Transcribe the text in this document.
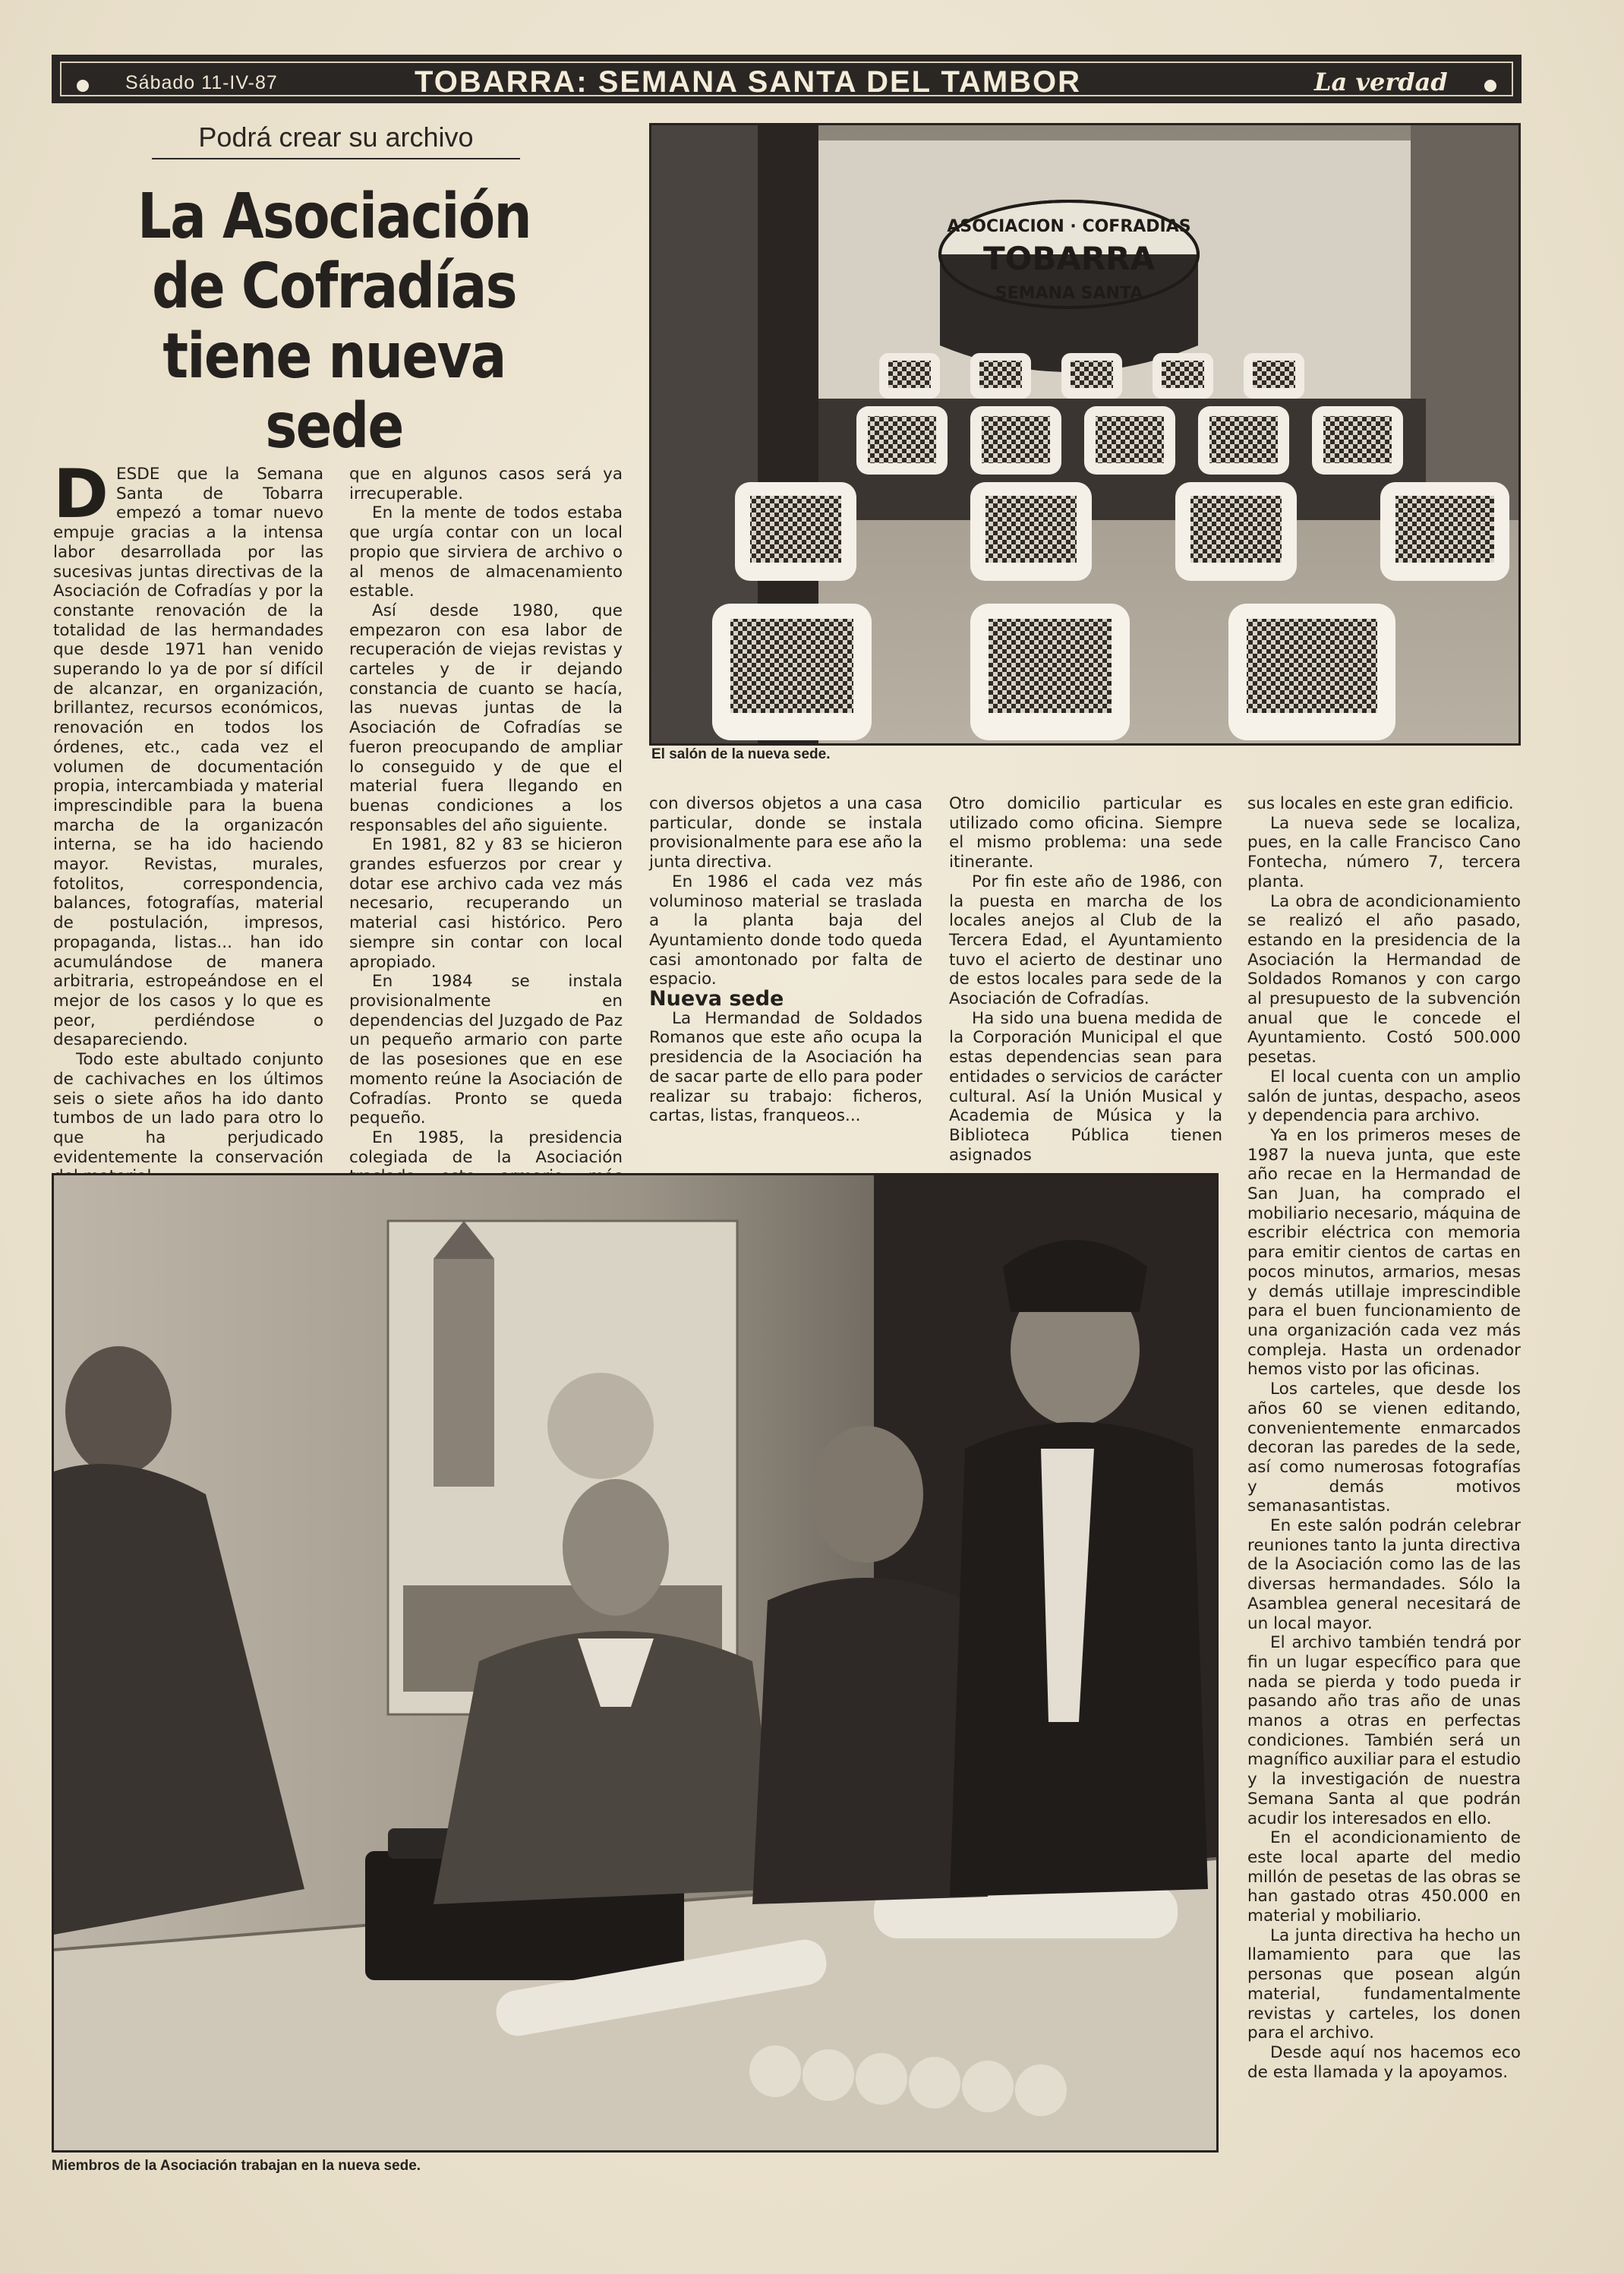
Sábado 11-IV-87	TOBARRA: SEMANA SANTA DEL TAMBOR	La verdad
Podrá crear su archivo
La Asociación
de Cofradías
tiene nueva sede

DESDE que la Semana Santa de Tobarra empezó a tomar nuevo empuje gracias a la intensa labor desarrollada por las sucesivas juntas directivas de la Asociación de Cofradías y por la constante renovación de la totalidad de las hermandades que desde 1971 han venido superando lo ya de por sí difícil de alcanzar, en organización, brillantez, recursos económicos, renovación en todos los órdenes, etc., cada vez el volumen de documentación propia, intercambiada y material imprescindible para la buena marcha de la organizacón interna, se ha ido haciendo mayor. Revistas, murales, fotolitos, correspondencia, balances, fotografías, material de postulación, impresos, propaganda, listas... han ido acumulándose de manera arbitraria, estropeándose en el mejor de los casos y lo que es peor, perdiéndose o desapareciendo.

Todo este abultado conjunto de cachivaches en los últimos seis o siete años ha ido danto tumbos de un lado para otro lo que ha perjudicado evidentemente la conservación

que en algunos casos será ya irrecuperable.

En la mente de todos estaba que urgía contar con un local propio que sirviera de archivo o al menos de almacenamiento estable.

Así desde 1980, que empezaron con esa labor de recuperación de viejas revistas y carteles y de ir dejando constancia de cuanto se hacía, las nuevas juntas de la Asociación de Cofradías se fueron preocupando de ampliar lo conseguido y de que el material fuera llegando en buenas condiciones a los responsables del año siguiente.

En 1981, 82 y 83 se hicieron grandes esfuerzos por crear y dotar ese archivo cada vez más necesario, recuperando un material casi histórico. Pero siempre sin contar con local apropiado.

En 1984 se instala provisionalmente en dependencias del Juzgado de Paz un pequeño armario con parte de las posesiones que en ese momento reúne la Asociación de Cofradías. Pronto se queda pequeño.

En 1985, la presidencia colegiada de la Asociación

ASOCIACION · COFRADIAS
TOBARRA
SEMANA SANTA
El salón de la nueva sede.

con diversos objetos a una casa particular, donde se instala provisionalmente para ese año la junta directiva.

En 1986 el cada vez más voluminoso material se traslada a la planta baja del Ayuntamiento donde todo queda casi amontonado por falta de espacio.

Nueva sede

La Hermandad de Soldados Romanos que este año ocupa la presidencia de la Asociación ha de sacar parte de ello para poder realizar su trabajo: ficheros, cartas, listas, franqueos...

Otro domicilio particular es utilizado como oficina. Siempre el mismo problema: una sede itinerante.

Por fin este año de 1986, con la puesta en marcha de los locales anejos al Club de la Tercera Edad, el Ayuntamiento tuvo el acierto de destinar uno de estos locales para sede de la Asociación de Cofradías.

Ha sido una buena medida de la Corporación Municipal el que estas dependencias sean para entidades o servicios de carácter cultural. Así la Unión Musical y Academia de Música y la Biblioteca Pública tienen asignados

sus locales en este gran edificio.

La nueva sede se localiza, pues, en la calle Francisco Cano Fontecha, número 7, tercera planta.

La obra de acondicionamiento se realizó el año pasado, estando en la presidencia de la Asociación la Hermandad de Soldados Romanos y con cargo al presupuesto de la subvención anual que le concede el Ayuntamiento. Costó 500.000 pesetas.

El local cuenta con un amplio salón de juntas, despacho, aseos y dependencia para archivo.

Ya en los primeros meses de 1987 la nueva junta, que este año recae en la Hermandad de San Juan, ha comprado el mobiliario necesario, máquina de escribir eléctrica con memoria para emitir cientos de cartas en pocos minutos, armarios, mesas y demás utillaje imprescindible para el buen funcionamiento de una organización cada vez más compleja. Hasta un ordenador hemos visto por las oficinas.

Los carteles, que desde los años 60 se vienen editando, convenientemente enmarcados decoran las paredes de la sede, así como numerosas fotografías y demás motivos semanasantistas.

En este salón podrán celebrar reuniones tanto la junta directiva de la Asociación como las de las diversas hermandades. Sólo la Asamblea general necesitará de un local mayor.

El archivo también tendrá por fin un lugar específico para que nada se pierda y todo pueda ir pasando año tras año de unas manos a otras en perfectas condiciones. También será un magnífico auxiliar para el estudio y la investigación de nuestra Semana Santa al que podrán acudir los interesados en ello.

En el acondicionamiento de este local aparte del medio millón de pesetas de las obras se han gastado otras 450.000 en material y mobiliario.

La junta directiva ha hecho un llamamiento para que las personas que posean algún material, fundamentalmente revistas y carteles, los donen para el archivo.

Desde aquí nos hacemos eco de esta llamada y la apoyamos.

Miembros de la Asociación trabajan en la nueva sede.
